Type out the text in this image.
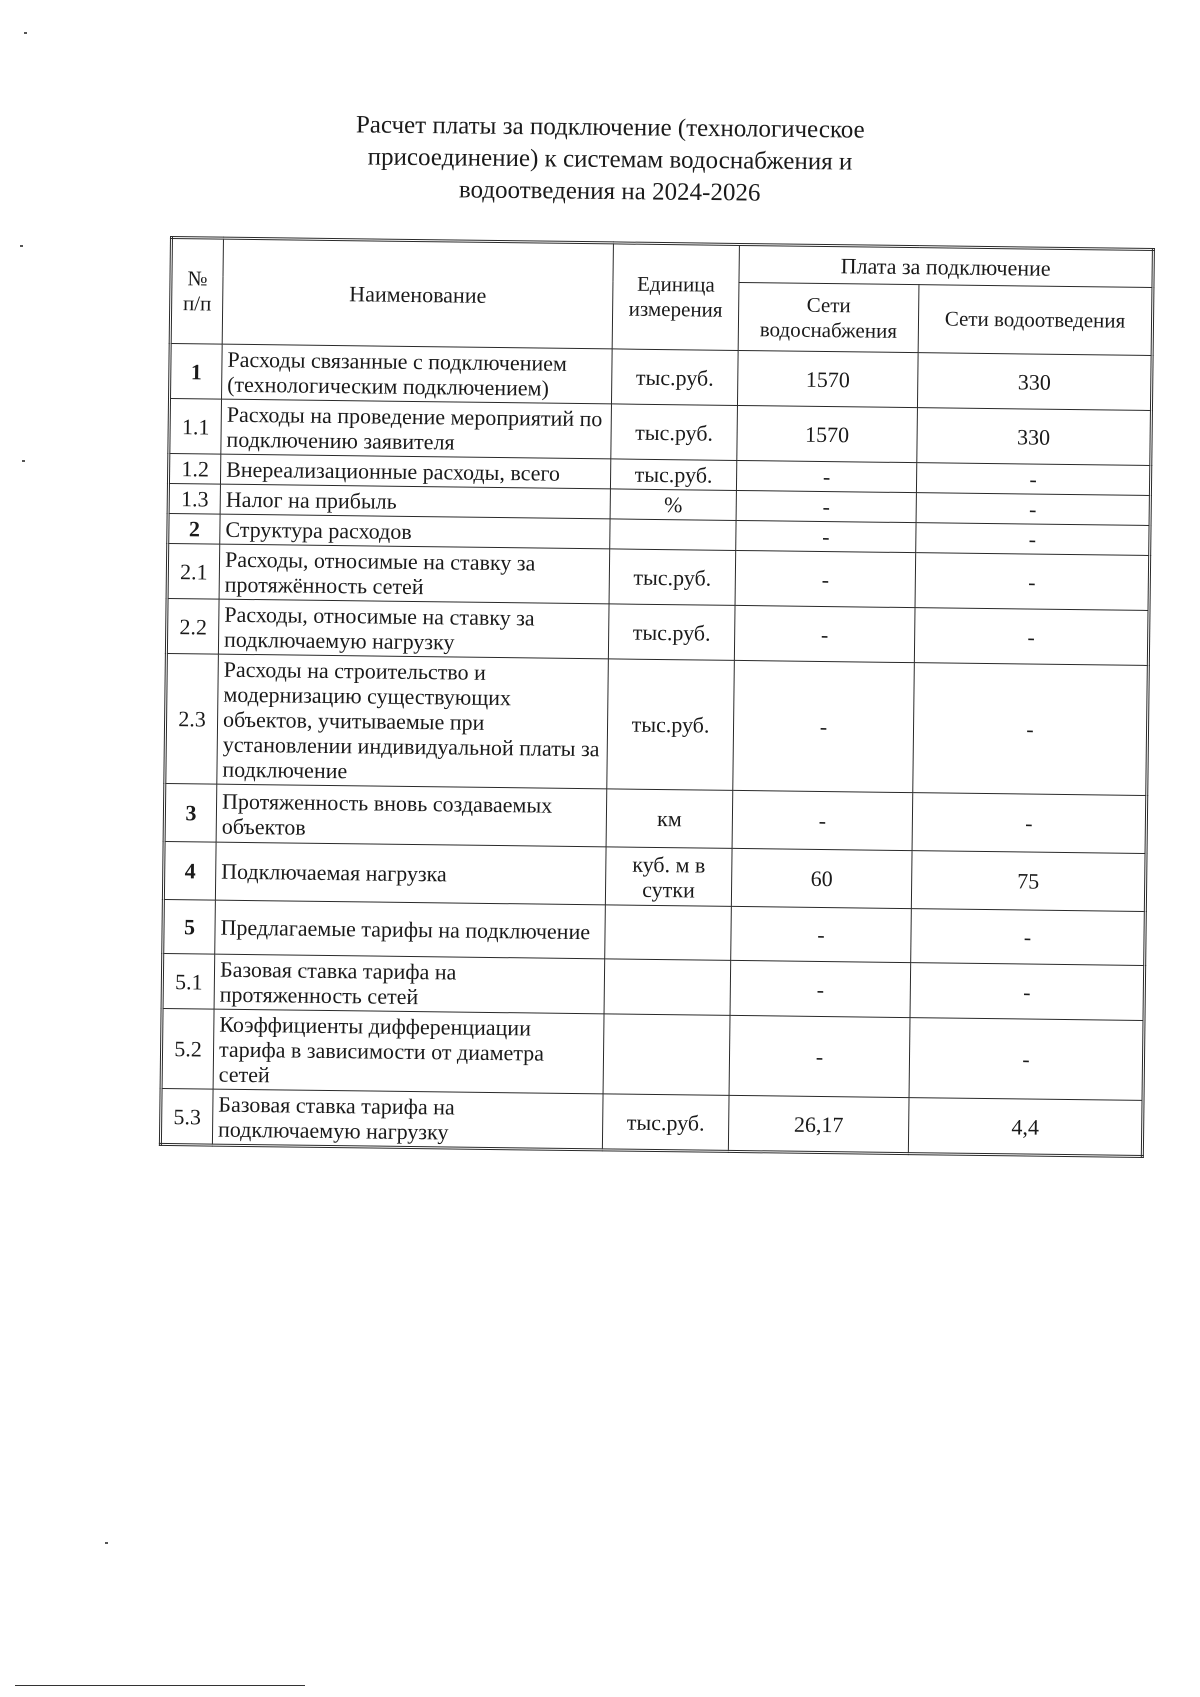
Расчет платы за подключение (технологическое
присоединение) к системам водоснабжения и
водоотведения на 2024-2026
№ п/п	Наименование	Единица измерения	Плата за подключение	
			Сети водоснабжения	Сети водоотведения
1	Расходы связанные с подключением (технологическим подключением)	тыс.руб.	1570	330
1.1	Расходы на проведение мероприятий по подключению заявителя	тыс.руб.	1570	330
1.2	Внереализационные расходы, всего	тыс.руб.	-	-
1.3	Налог на прибыль	%	-	-
2	Структура расходов		-	-
2.1	Расходы, относимые на ставку за протяжённость сетей	тыс.руб.	-	-
2.2	Расходы, относимые на ставку за подключаемую нагрузку	тыс.руб.	-	-
2.3	Расходы на строительство и модернизацию существующих объектов, учитываемые при установлении индивидуальной платы за подключение	тыс.руб.	-	-
3	Протяженность вновь создаваемых объектов	км	-	-
4	Подключаемая нагрузка	куб. м в сутки	60	75
5	Предлагаемые тарифы на подключение		-	-
5.1	Базовая ставка тарифа на протяженность сетей		-	-
5.2	Коэффициенты дифференциации тарифа в зависимости от диаметра сетей		-	-
5.3	Базовая ставка тарифа на подключаемую нагрузку	тыс.руб.	26,17	4,4
